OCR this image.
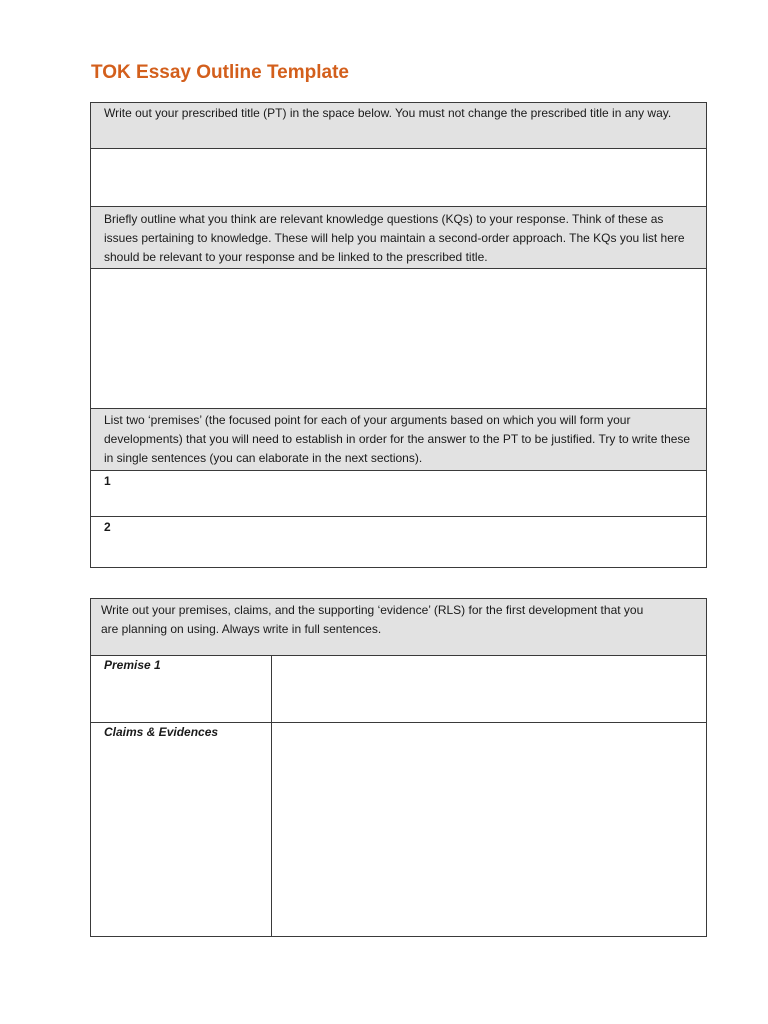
TOK Essay Outline Template
Write out your prescribed title (PT) in the space below. You must not change the prescribed title in any way.
Briefly outline what you think are relevant knowledge questions (KQs) to your response. Think of these as issues pertaining to knowledge. These will help you maintain a second-order approach. The KQs you list here should be relevant to your response and be linked to the prescribed title.
List two ‘premises’ (the focused point for each of your arguments based on which you will form your developments) that you will need to establish in order for the answer to the PT to be justified. Try to write these in single sentences (you can elaborate in the next sections).
1
2
Write out your premises, claims, and the supporting ‘evidence’ (RLS) for the first development that you are planning on using. Always write in full sentences.
Premise 1
Claims & Evidences
